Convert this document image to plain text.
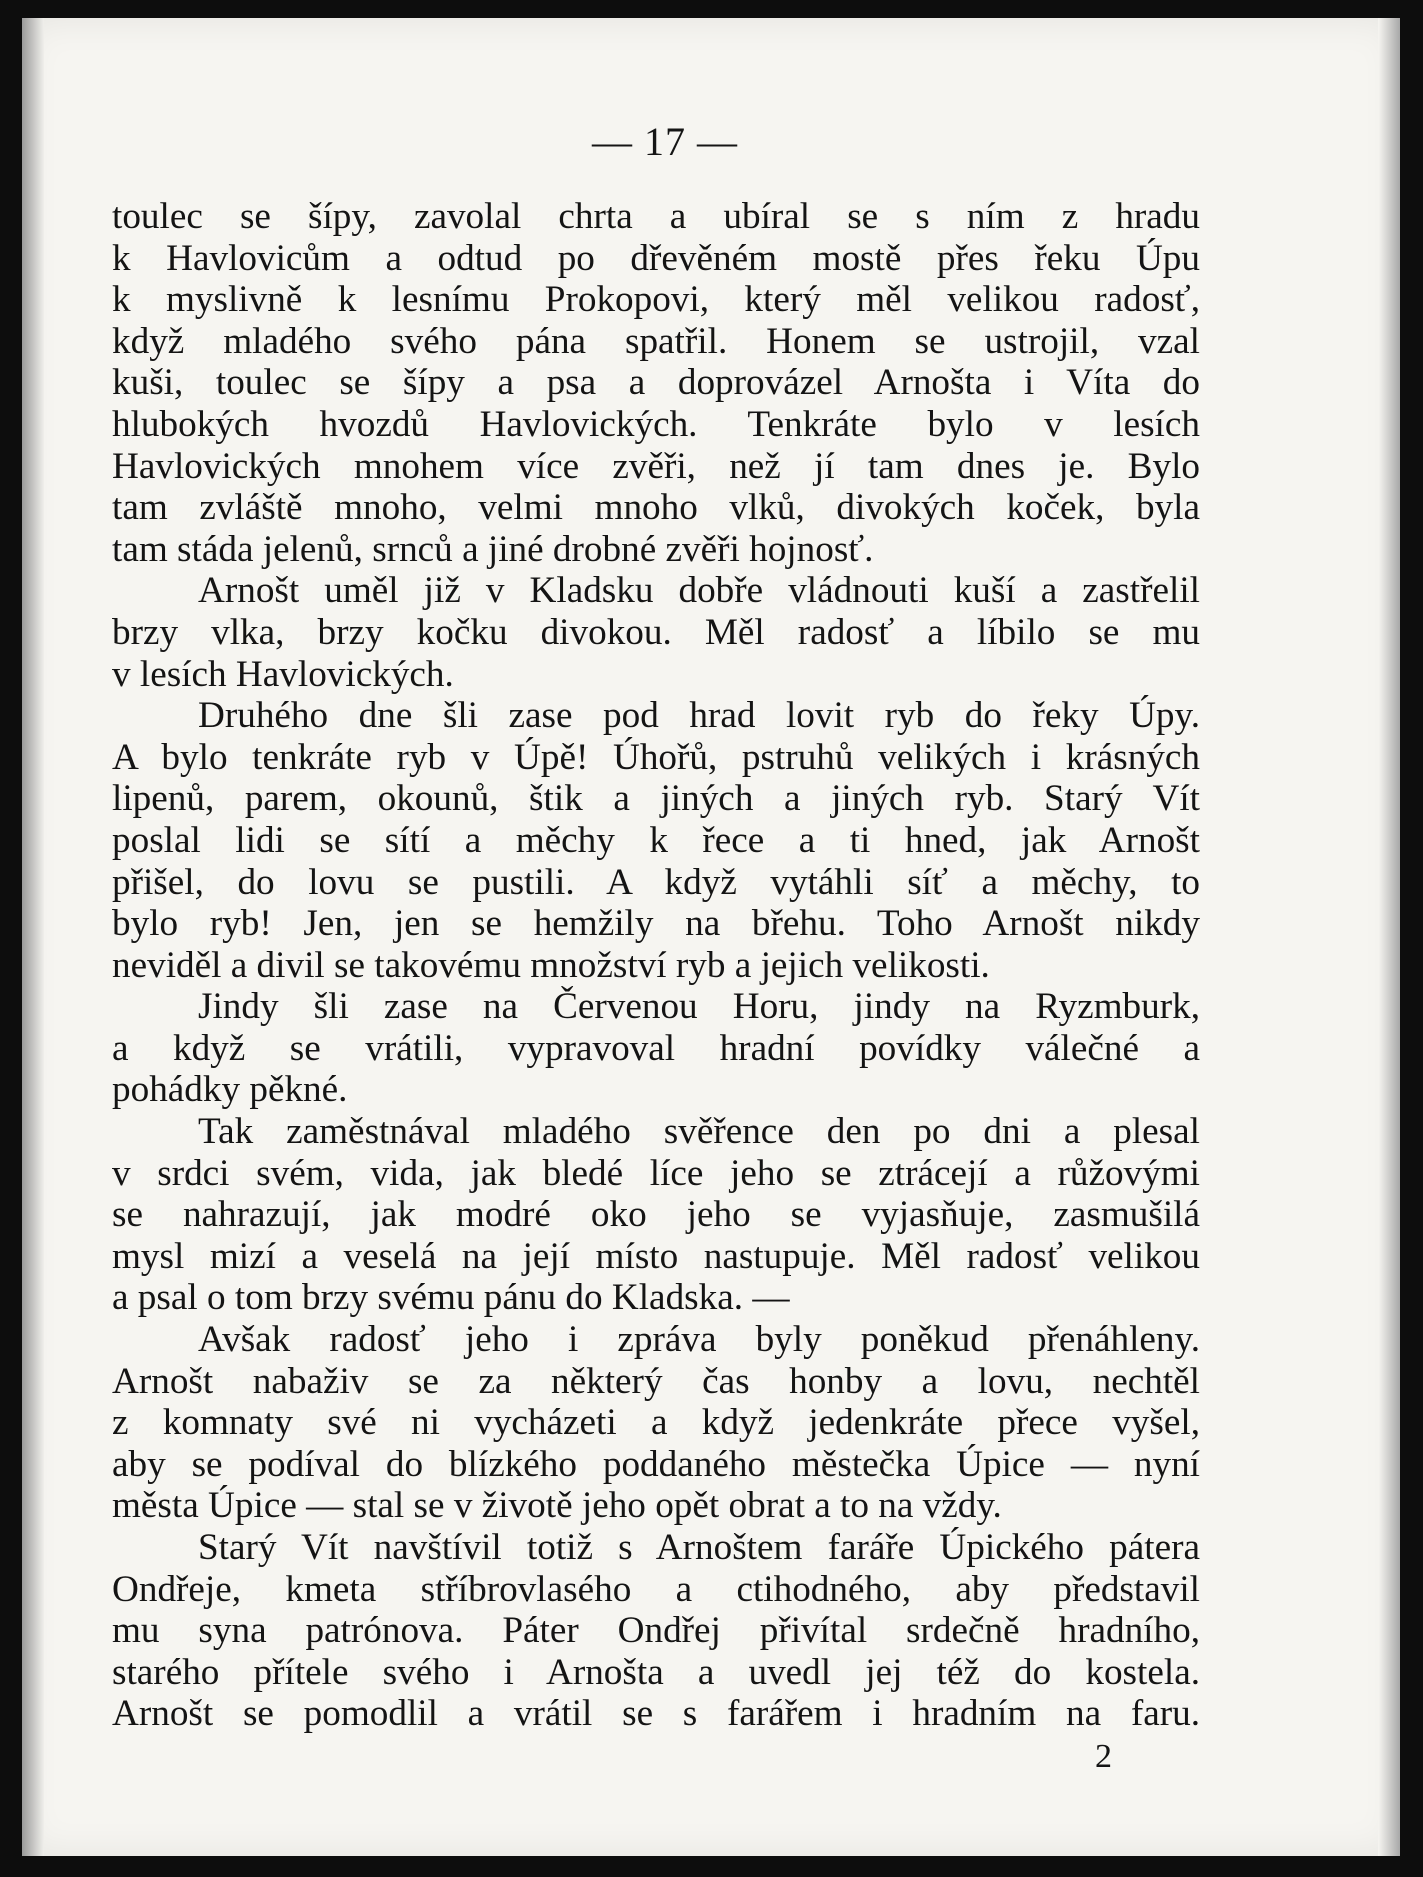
— 17 —
toulec se šípy, zavolal chrta a ubíral se s ním z hradu
k Havlovicům a odtud po dřevěném mostě přes řeku Úpu
k myslivně k lesnímu Prokopovi, který měl velikou radosť,
když mladého svého pána spatřil. Honem se ustrojil, vzal
kuši, toulec se šípy a psa a doprovázel Arnošta i Víta do
hlubokých hvozdů Havlovických. Tenkráte bylo v lesích
Havlovických mnohem více zvěři, než jí tam dnes je. Bylo
tam zvláště mnoho, velmi mnoho vlků, divokých koček, byla
tam stáda jelenů, srnců a jiné drobné zvěři hojnosť.
Arnošt uměl již v Kladsku dobře vládnouti kuší a zastřelil
brzy vlka, brzy kočku divokou. Měl radosť a líbilo se mu
v lesích Havlovických.
Druhého dne šli zase pod hrad lovit ryb do řeky Úpy.
A bylo tenkráte ryb v Úpě! Úhořů, pstruhů velikých i krásných
lipenů, parem, okounů, štik a jiných a jiných ryb. Starý Vít
poslal lidi se sítí a měchy k řece a ti hned, jak Arnošt
přišel, do lovu se pustili. A když vytáhli síť a měchy, to
bylo ryb! Jen, jen se hemžily na břehu. Toho Arnošt nikdy
neviděl a divil se takovému množství ryb a jejich velikosti.
Jindy šli zase na Červenou Horu, jindy na Ryzmburk,
a když se vrátili, vypravoval hradní povídky válečné a
pohádky pěkné.
Tak zaměstnával mladého svěřence den po dni a plesal
v srdci svém, vida, jak bledé líce jeho se ztrácejí a růžovými
se nahrazují, jak modré oko jeho se vyjasňuje, zasmušilá
mysl mizí a veselá na její místo nastupuje. Měl radosť velikou
a psal o tom brzy svému pánu do Kladska. —
Avšak radosť jeho i zpráva byly poněkud přenáhleny.
Arnošt nabaživ se za některý čas honby a lovu, nechtěl
z komnaty své ni vycházeti a když jedenkráte přece vyšel,
aby se podíval do blízkého poddaného městečka Úpice — nyní
města Úpice — stal se v životě jeho opět obrat a to na vždy.
Starý Vít navštívil totiž s Arnoštem faráře Úpického pátera
Ondřeje, kmeta stříbrovlasého a ctihodného, aby představil
mu syna patrónova. Páter Ondřej přivítal srdečně hradního,
starého přítele svého i Arnošta a uvedl jej též do kostela.
Arnošt se pomodlil a vrátil se s farářem i hradním na faru.
2
